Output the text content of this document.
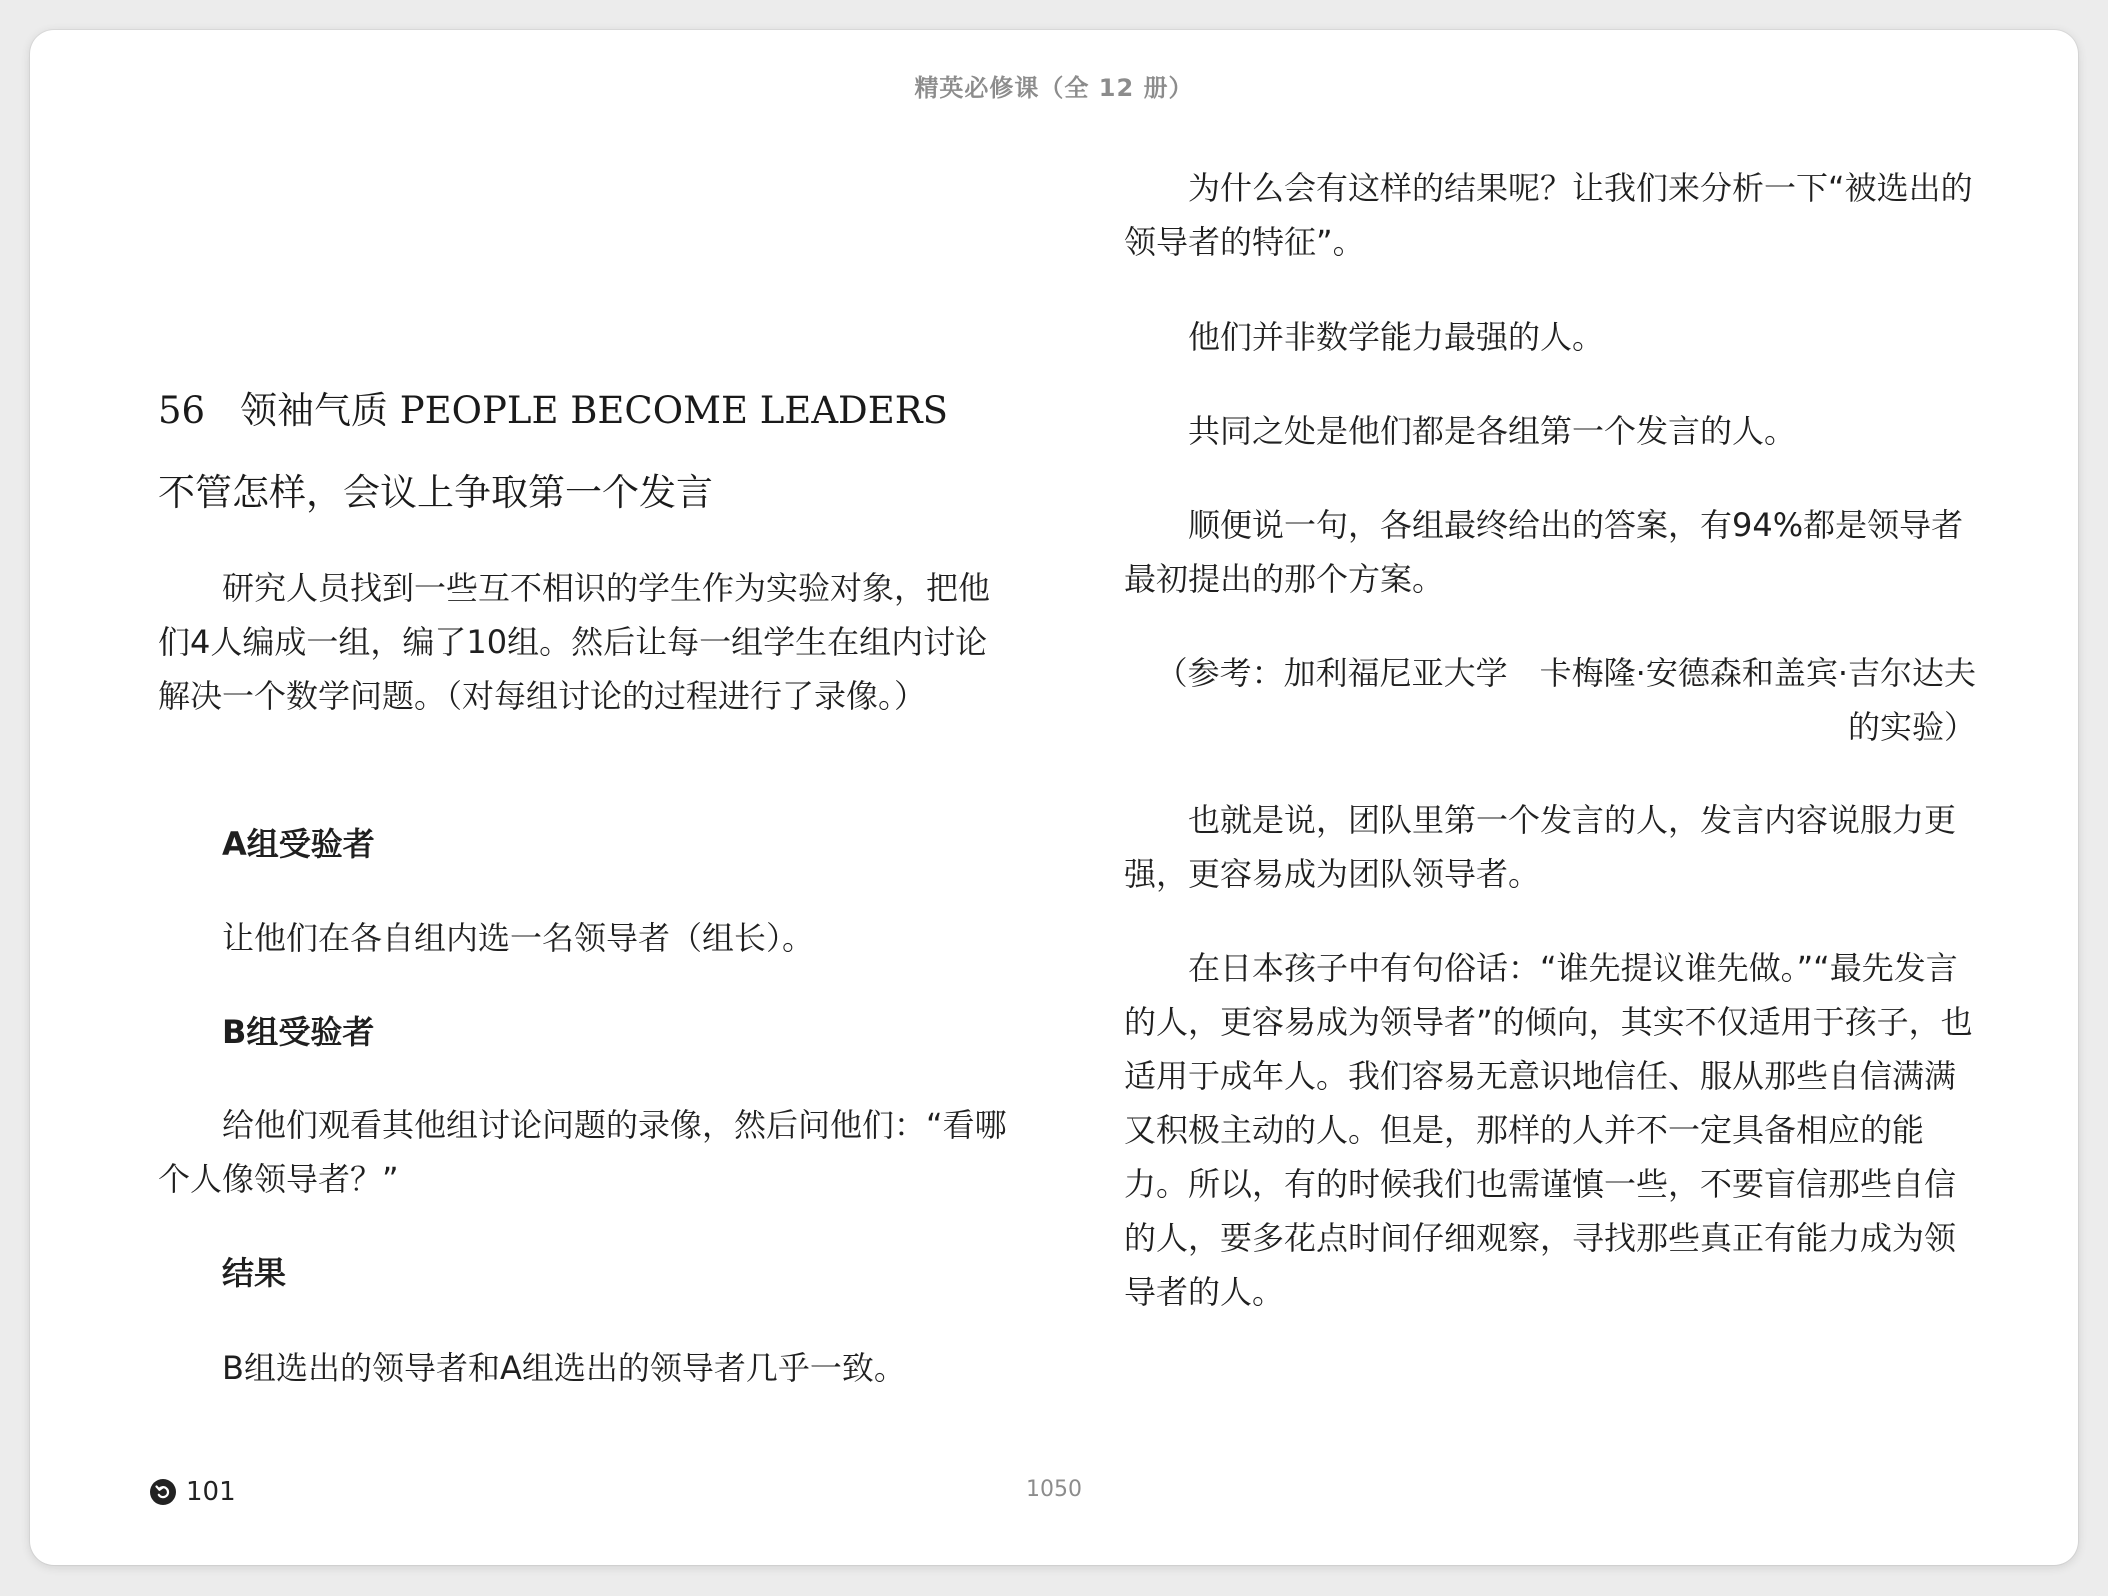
精英必修课（全 12 册）
56 领袖气质 PEOPLE BECOME LEADERS
不管怎样，会议上争取第一个发言

研究人员找到一些互不相识的学生作为实验对象，把他们4人编成一组，编了10组。然后让每一组学生在组内讨论解决一个数学问题。（对每组讨论的过程进行了录像。）

A组受验者

让他们在各自组内选一名领导者（组长）。

B组受验者

给他们观看其他组讨论问题的录像，然后问他们：“看哪个人像领导者？”

结果

B组选出的领导者和A组选出的领导者几乎一致。

为什么会有这样的结果呢？让我们来分析一下“被选出的领导者的特征”。

他们并非数学能力最强的人。

共同之处是他们都是各组第一个发言的人。

顺便说一句，各组最终给出的答案，有94%都是领导者最初提出的那个方案。

（参考：加利福尼亚大学　卡梅隆·安德森和盖宾·吉尔达夫的实验）

也就是说，团队里第一个发言的人，发言内容说服力更强，更容易成为团队领导者。

在日本孩子中有句俗话：“谁先提议谁先做。”“最先发言的人，更容易成为领导者”的倾向，其实不仅适用于孩子，也适用于成年人。我们容易无意识地信任、服从那些自信满满又积极主动的人。但是，那样的人并不一定具备相应的能力。所以，有的时候我们也需谨慎一些，不要盲信那些自信的人，要多花点时间仔细观察，寻找那些真正有能力成为领导者的人。

101	1050
